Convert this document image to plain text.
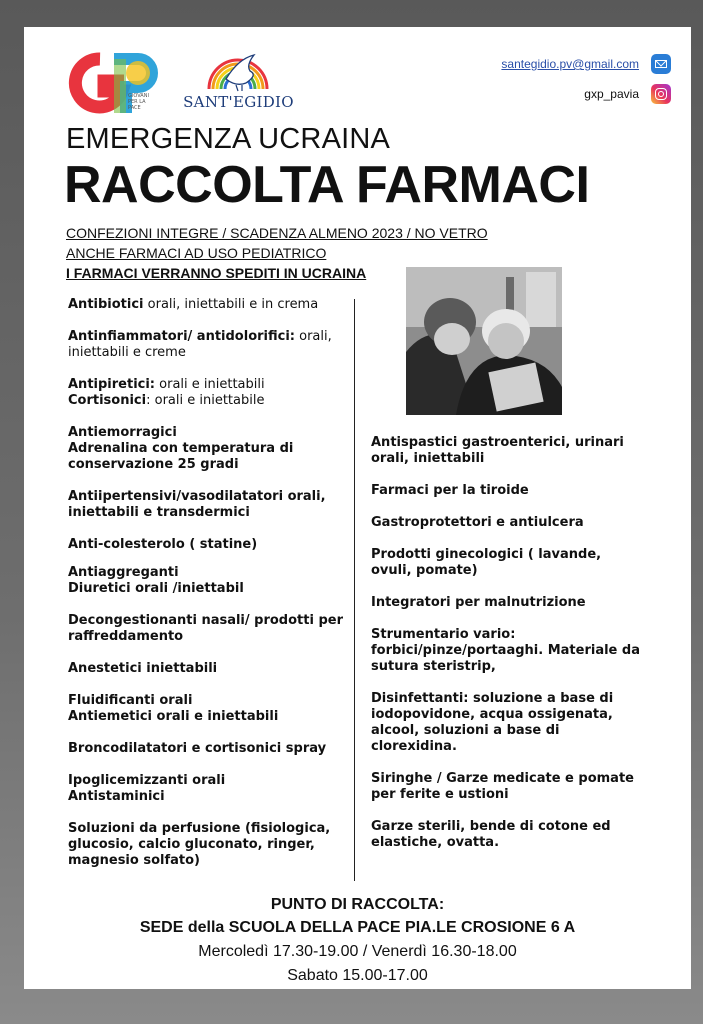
GIOVANI
PER LA
PACE	SANT'EGIDIO
santegidio.pv@gmail.com
gxp_pavia
EMERGENZA UCRAINA
RACCOLTA FARMACI
CONFEZIONI INTEGRE / SCADENZA ALMENO 2023 / NO VETRO
ANCHE FARMACI AD USO PEDIATRICO
I FARMACI VERRANNO SPEDITI IN UCRAINA

Antibiotici orali, iniettabili e in crema

Antinfiammatori/ antidolorifici: orali, iniettabili e creme

Antipiretici: orali e iniettabili
Cortisonici: orali e iniettabile

Antiemorragici
Adrenalina con temperatura di conservazione 25 gradi

Antiipertensivi/vasodilatatori orali, iniettabili e transdermici

Anti-colesterolo ( statine)

Antiaggreganti
Diuretici orali /iniettabil

Decongestionanti nasali/ prodotti per raffreddamento

Anestetici iniettabili

Fluidificanti orali
Antiemetici orali e iniettabili

Broncodilatatori e cortisonici spray

Ipoglicemizzanti orali
Antistaminici

Soluzioni da perfusione (fisiologica, glucosio, calcio gluconato, ringer, magnesio solfato)

Antispastici gastroenterici, urinari orali, iniettabili

Farmaci per la tiroide

Gastroprotettori e antiulcera

Prodotti ginecologici ( lavande, ovuli, pomate)

Integratori per malnutrizione

Strumentario vario: forbici/pinze/portaaghi. Materiale da sutura steristrip,

Disinfettanti: soluzione a base di iodopovidone, acqua ossigenata, alcool, soluzioni a base di clorexidina.

Siringhe / Garze medicate e pomate per ferite e ustioni

Garze sterili, bende di cotone ed elastiche, ovatta.

PUNTO DI RACCOLTA:
SEDE della SCUOLA DELLA PACE PIA.LE CROSIONE 6 A
Mercoledì 17.30-19.00 / Venerdì 16.30-18.00
Sabato 15.00-17.00
